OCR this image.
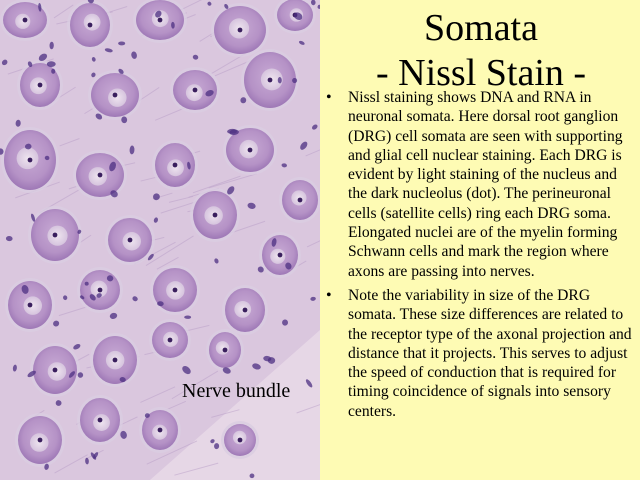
Nerve bundle
Somata
- Nissl Stain -
• Nissl staining shows DNA and RNA in neuronal somata. Here dorsal root ganglion (DRG) cell somata are seen with supporting and glial cell nuclear staining. Each DRG is evident by light staining of the nucleus and the dark nucleolus (dot). The perineuronal cells (satellite cells) ring each DRG soma. Elongated nuclei are of the myelin forming Schwann cells and mark the region where axons are passing into nerves.
• Note the variability in size of the DRG somata. These size differences are related to the receptor type of the axonal projection and distance that it projects. This serves to adjust the speed of conduction that is required for timing coincidence of signals into sensory centers.
